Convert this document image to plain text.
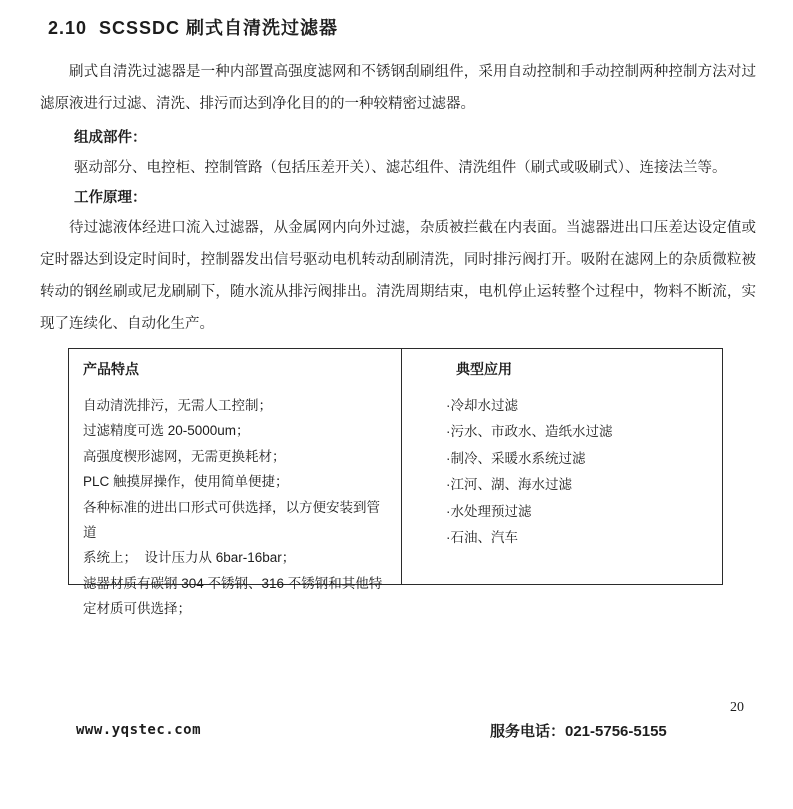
2.10  SCSSDC 刷式自清洗过滤器

刷式自清洗过滤器是一种内部置高强度滤网和不锈钢刮刷组件，采用自动控制和手动控制两种控制方法对过滤原液进行过滤、清洗、排污而达到净化目的的一种较精密过滤器。

组成部件：

驱动部分、电控柜、控制管路（包括压差开关）、滤芯组件、清洗组件（刷式或吸刷式）、连接法兰等。

工作原理：

待过滤液体经进口流入过滤器，从金属网内向外过滤，杂质被拦截在内表面。当滤器进出口压差达设定值或定时器达到设定时间时，控制器发出信号驱动电机转动刮刷清洗，同时排污阀打开。吸附在滤网上的杂质微粒被转动的钢丝刷或尼龙刷刷下，随水流从排污阀排出。清洗周期结束，电机停止运转整个过程中，物料不断流，实现了连续化、自动化生产。

产品特点
自动清洗排污，无需人工控制；
过滤精度可选 20-5000um；
高强度楔形滤网，无需更换耗材；
PLC 触摸屏操作，使用简单便捷；
各种标准的进出口形式可供选择，以方便安装到管道
系统上；  设计压力从 6bar-16bar；
滤器材质有碳钢 304 不锈钢、316 不锈钢和其他特定材质可供选择；
典型应用
·冷却水过滤
·污水、市政水、造纸水过滤
·制冷、采暖水系统过滤
·江河、湖、海水过滤
·水处理预过滤
·石油、汽车
20
www.yqstec.com	服务电话：021-5756-5155
